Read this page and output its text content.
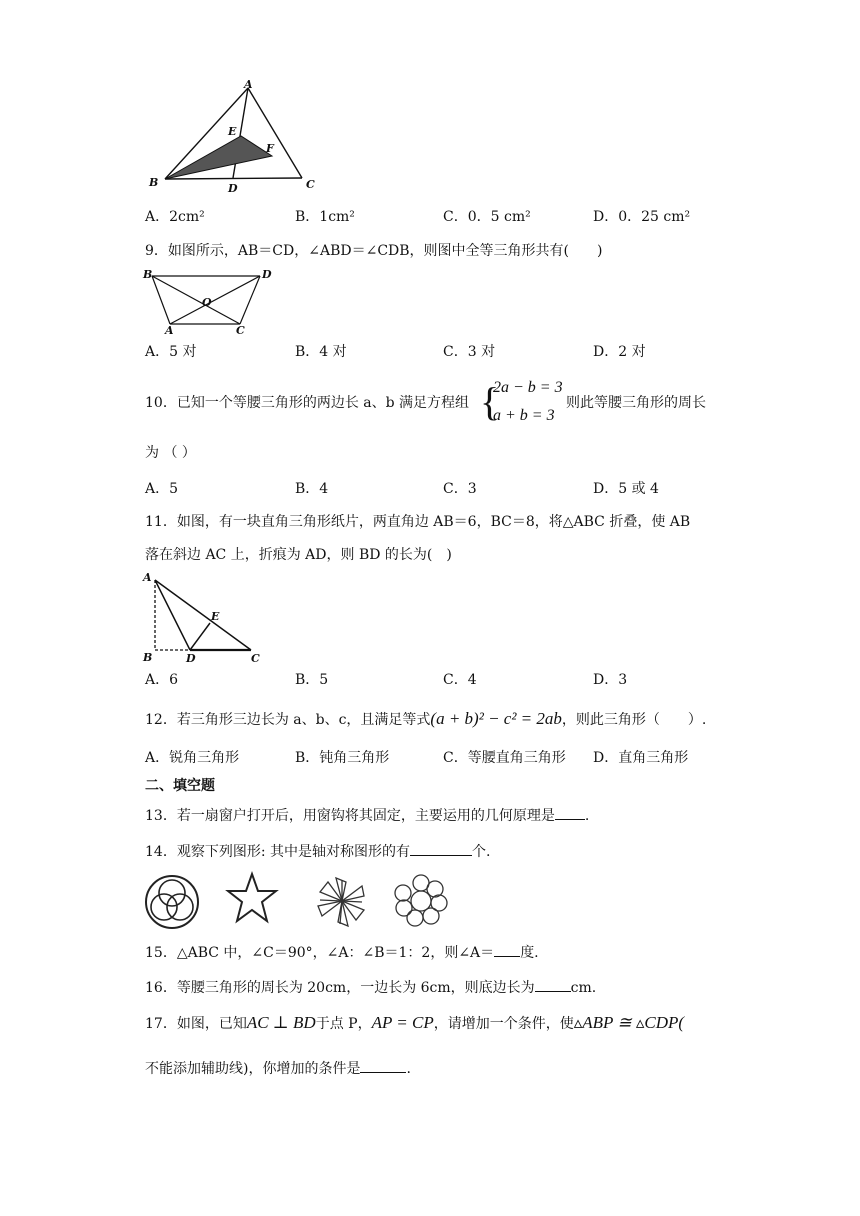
A
B	C
D
E
F
A．2cm²	B．1cm²	C．0．5 cm²	D．0．25 cm²
9．如图所示，AB＝CD，∠ABD＝∠CDB，则图中全等三角形共有(　　)
B	D
O
A	C
A．5 对	B．4 对	C．3 对	D．2 对
10．已知一个等腰三角形的两边长 a、b 满足方程组 {
2a − b = 3
a + b = 3
则此等腰三角形的周长
为 （ ）
A．5	B．4	C．3	D．5 或 4
11．如图，有一块直角三角形纸片，两直角边 AB＝6，BC＝8，将△ABC 折叠，使 AB
落在斜边 AC 上，折痕为 AD，则 BD 的长为(　)
A
B	D	C
E
A．6	B．5	C．4	D．3
12．若三角形三边长为 a、b、c，且满足等式(a + b)² − c² = 2ab，则此三角形（　　）.
A．锐角三角形	B．钝角三角形	C．等腰直角三角形 D．直角三角形
二、填空题
13．若一扇窗户打开后，用窗钩将其固定，主要运用的几何原理是 .
14．观察下列图形: 其中是轴对称图形的有	个.
15．△ABC 中，∠C＝90°，∠A：∠B＝1：2，则∠A＝ 度.
16．等腰三角形的周长为 20cm，一边长为 6cm，则底边长为	cm.
17．如图，已知AC ⊥ BD于点 P，AP = CP，请增加一个条件，使▵ABP ≅ ▵CDP(
不能添加辅助线)，你增加的条件是	.
